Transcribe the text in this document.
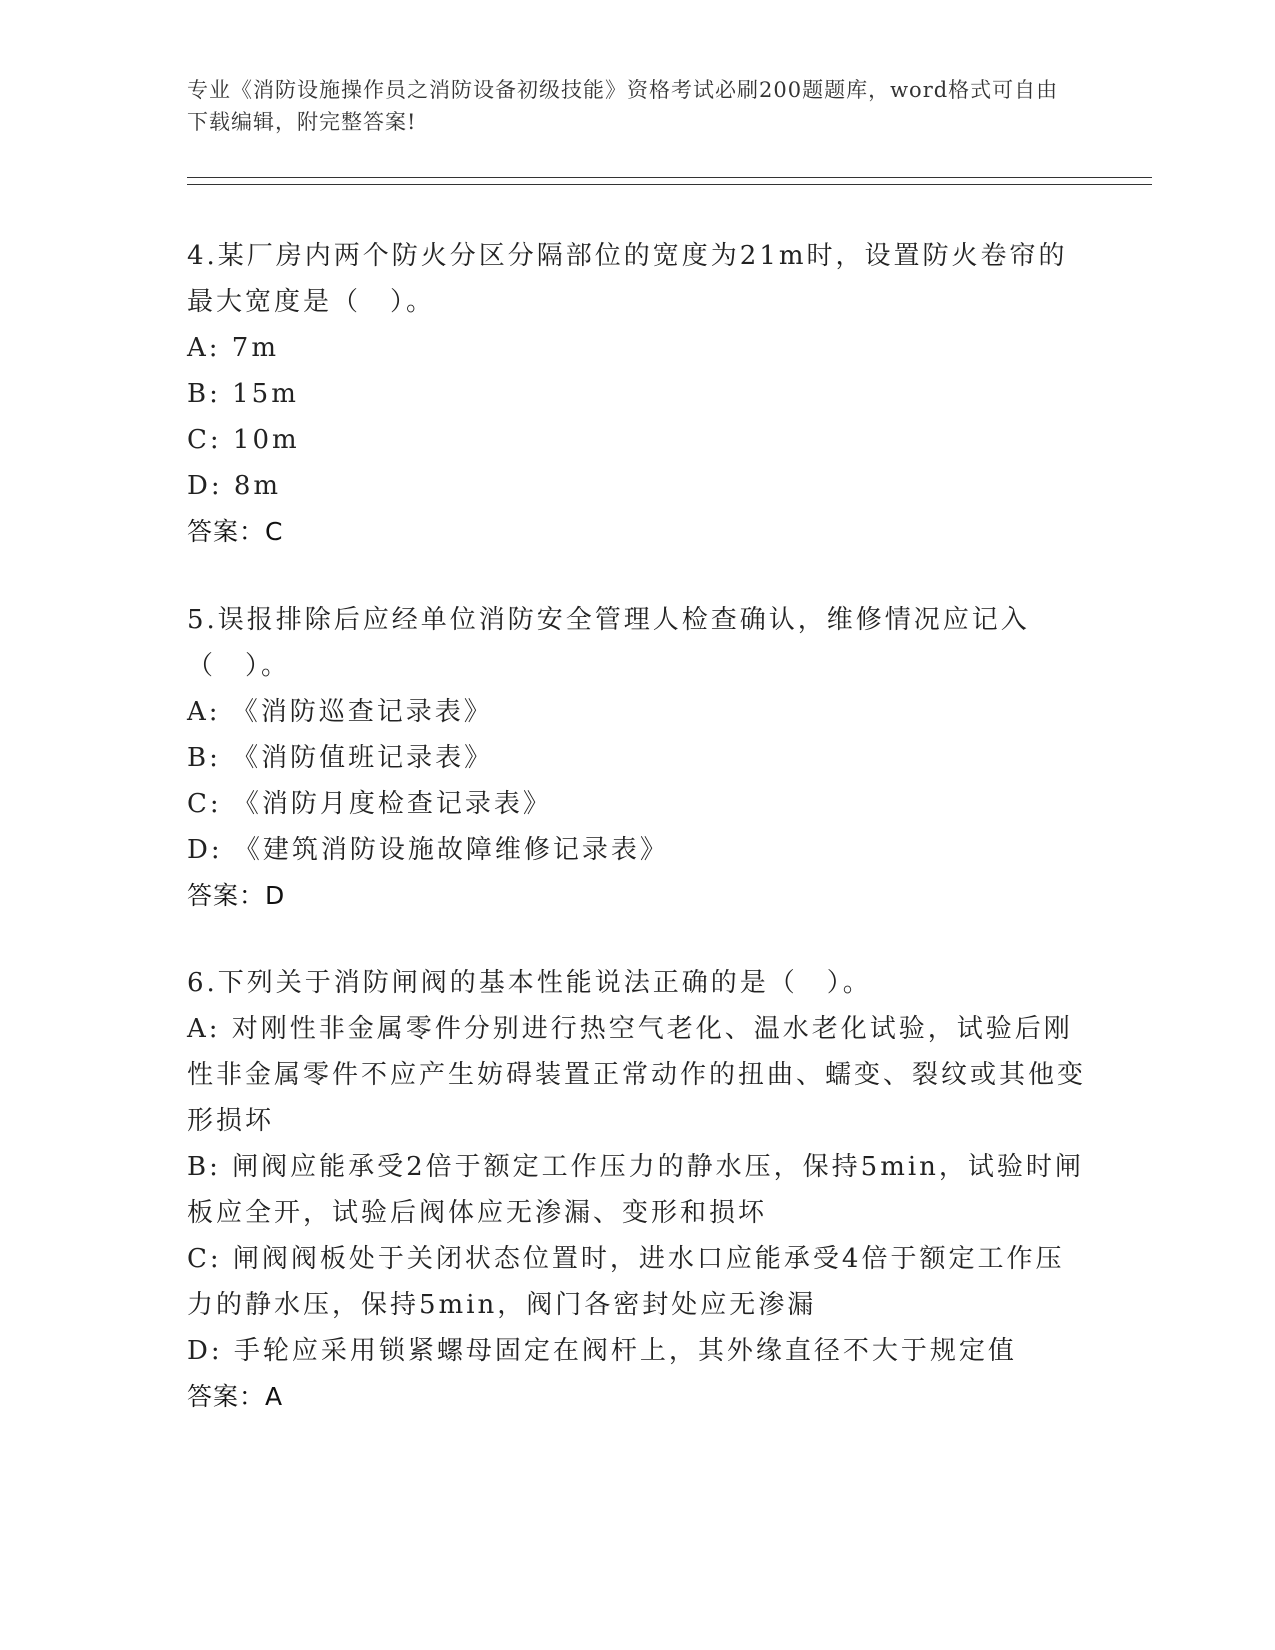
专业《消防设施操作员之消防设备初级技能》资格考试必刷200题题库，word格式可自由下载编辑，附完整答案!
4.某厂房内两个防火分区分隔部位的宽度为21m时，设置防火卷帘的最大宽度是（　）。
A: 7m
B: 15m
C: 10m
D: 8m
答案：C
5.误报排除后应经单位消防安全管理人检查确认，维修情况应记入（　）。
A: 《消防巡查记录表》
B: 《消防值班记录表》
C: 《消防月度检查记录表》
D: 《建筑消防设施故障维修记录表》
答案：D
6.下列关于消防闸阀的基本性能说法正确的是（　）。
A: 对刚性非金属零件分别进行热空气老化、温水老化试验，试验后刚性非金属零件不应产生妨碍装置正常动作的扭曲、蠕变、裂纹或其他变形损坏
B: 闸阀应能承受2倍于额定工作压力的静水压，保持5min，试验时闸板应全开，试验后阀体应无渗漏、变形和损坏
C: 闸阀阀板处于关闭状态位置时，进水口应能承受4倍于额定工作压力的静水压，保持5min，阀门各密封处应无渗漏
D: 手轮应采用锁紧螺母固定在阀杆上，其外缘直径不大于规定值
答案：A
